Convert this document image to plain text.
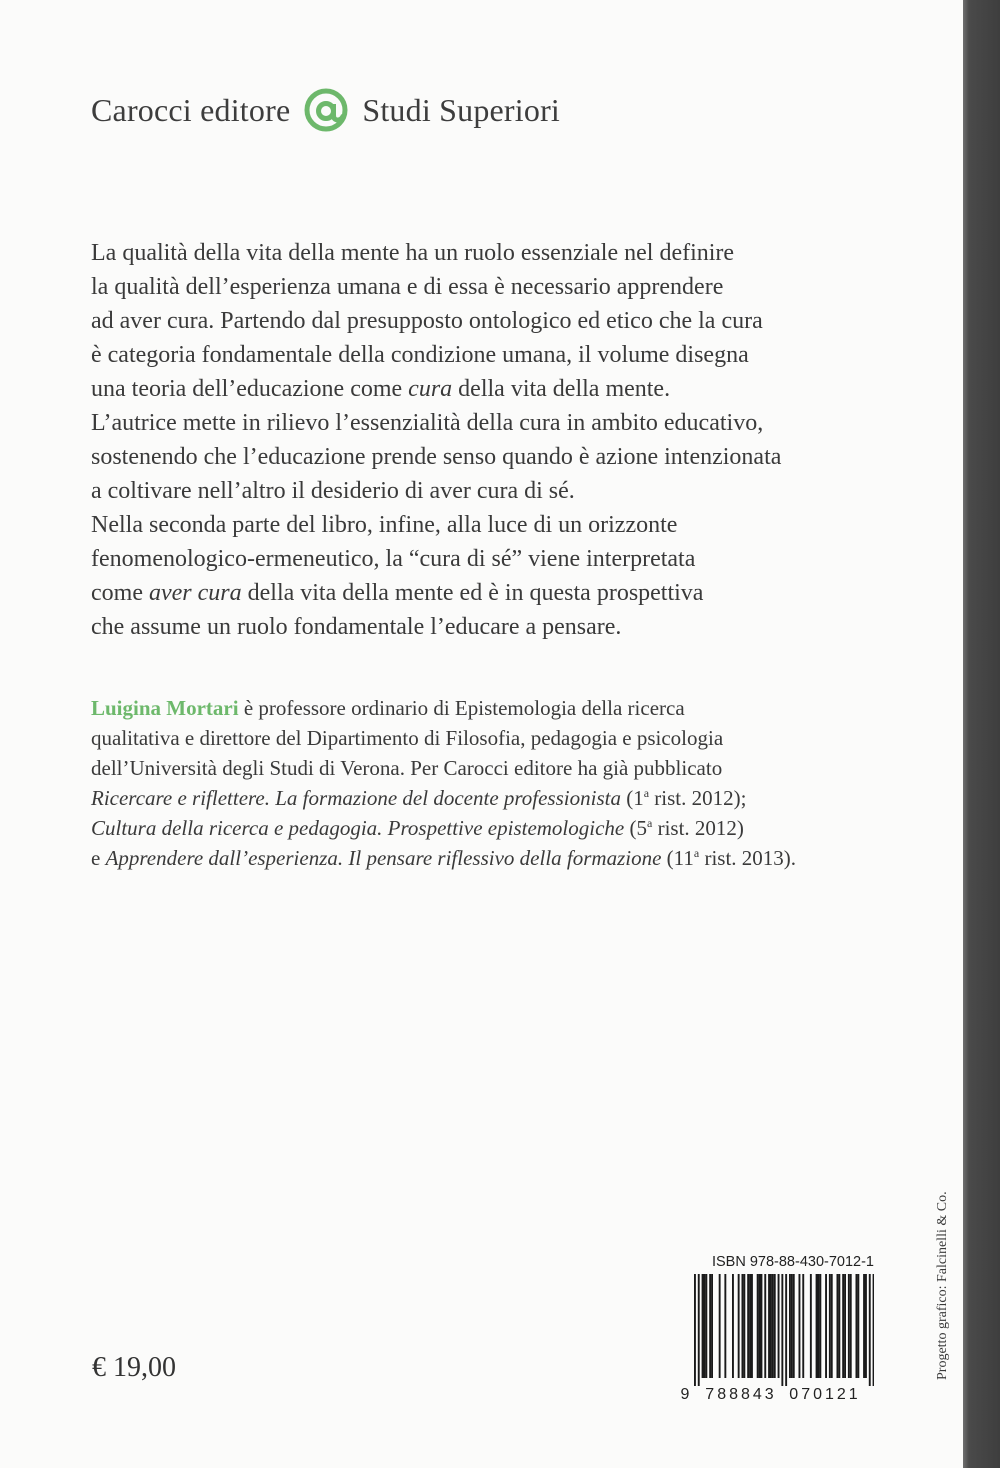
Carocci editore Studi Superiori
La qualità della vita della mente ha un ruolo essenziale nel definire
la qualità dell’esperienza umana e di essa è necessario apprendere
ad aver cura. Partendo dal presupposto ontologico ed etico che la cura
è categoria fondamentale della condizione umana, il volume disegna
una teoria dell’educazione come cura della vita della mente.
L’autrice mette in rilievo l’essenzialità della cura in ambito educativo,
sostenendo che l’educazione prende senso quando è azione intenzionata
a coltivare nell’altro il desiderio di aver cura di sé.
Nella seconda parte del libro, infine, alla luce di un orizzonte
fenomenologico-ermeneutico, la “cura di sé” viene interpretata
come aver cura della vita della mente ed è in questa prospettiva
che assume un ruolo fondamentale l’educare a pensare.
Luigina Mortari è professore ordinario di Epistemologia della ricerca
qualitativa e direttore del Dipartimento di Filosofia, pedagogia e psicologia
dell’Università degli Studi di Verona. Per Carocci editore ha già pubblicato
Ricercare e riflettere. La formazione del docente professionista (1$^a$ rist. 2012);
Cultura della ricerca e pedagogia. Prospettive epistemologiche (5$^a$ rist. 2012)
e Apprendere dall’esperienza. Il pensare riflessivo della formazione (11$^a$ rist. 2013).
ISBN 978-88-430-7012-1
9 788843 070121
€ 19,00	Progetto grafico: Falcinelli & Co.
